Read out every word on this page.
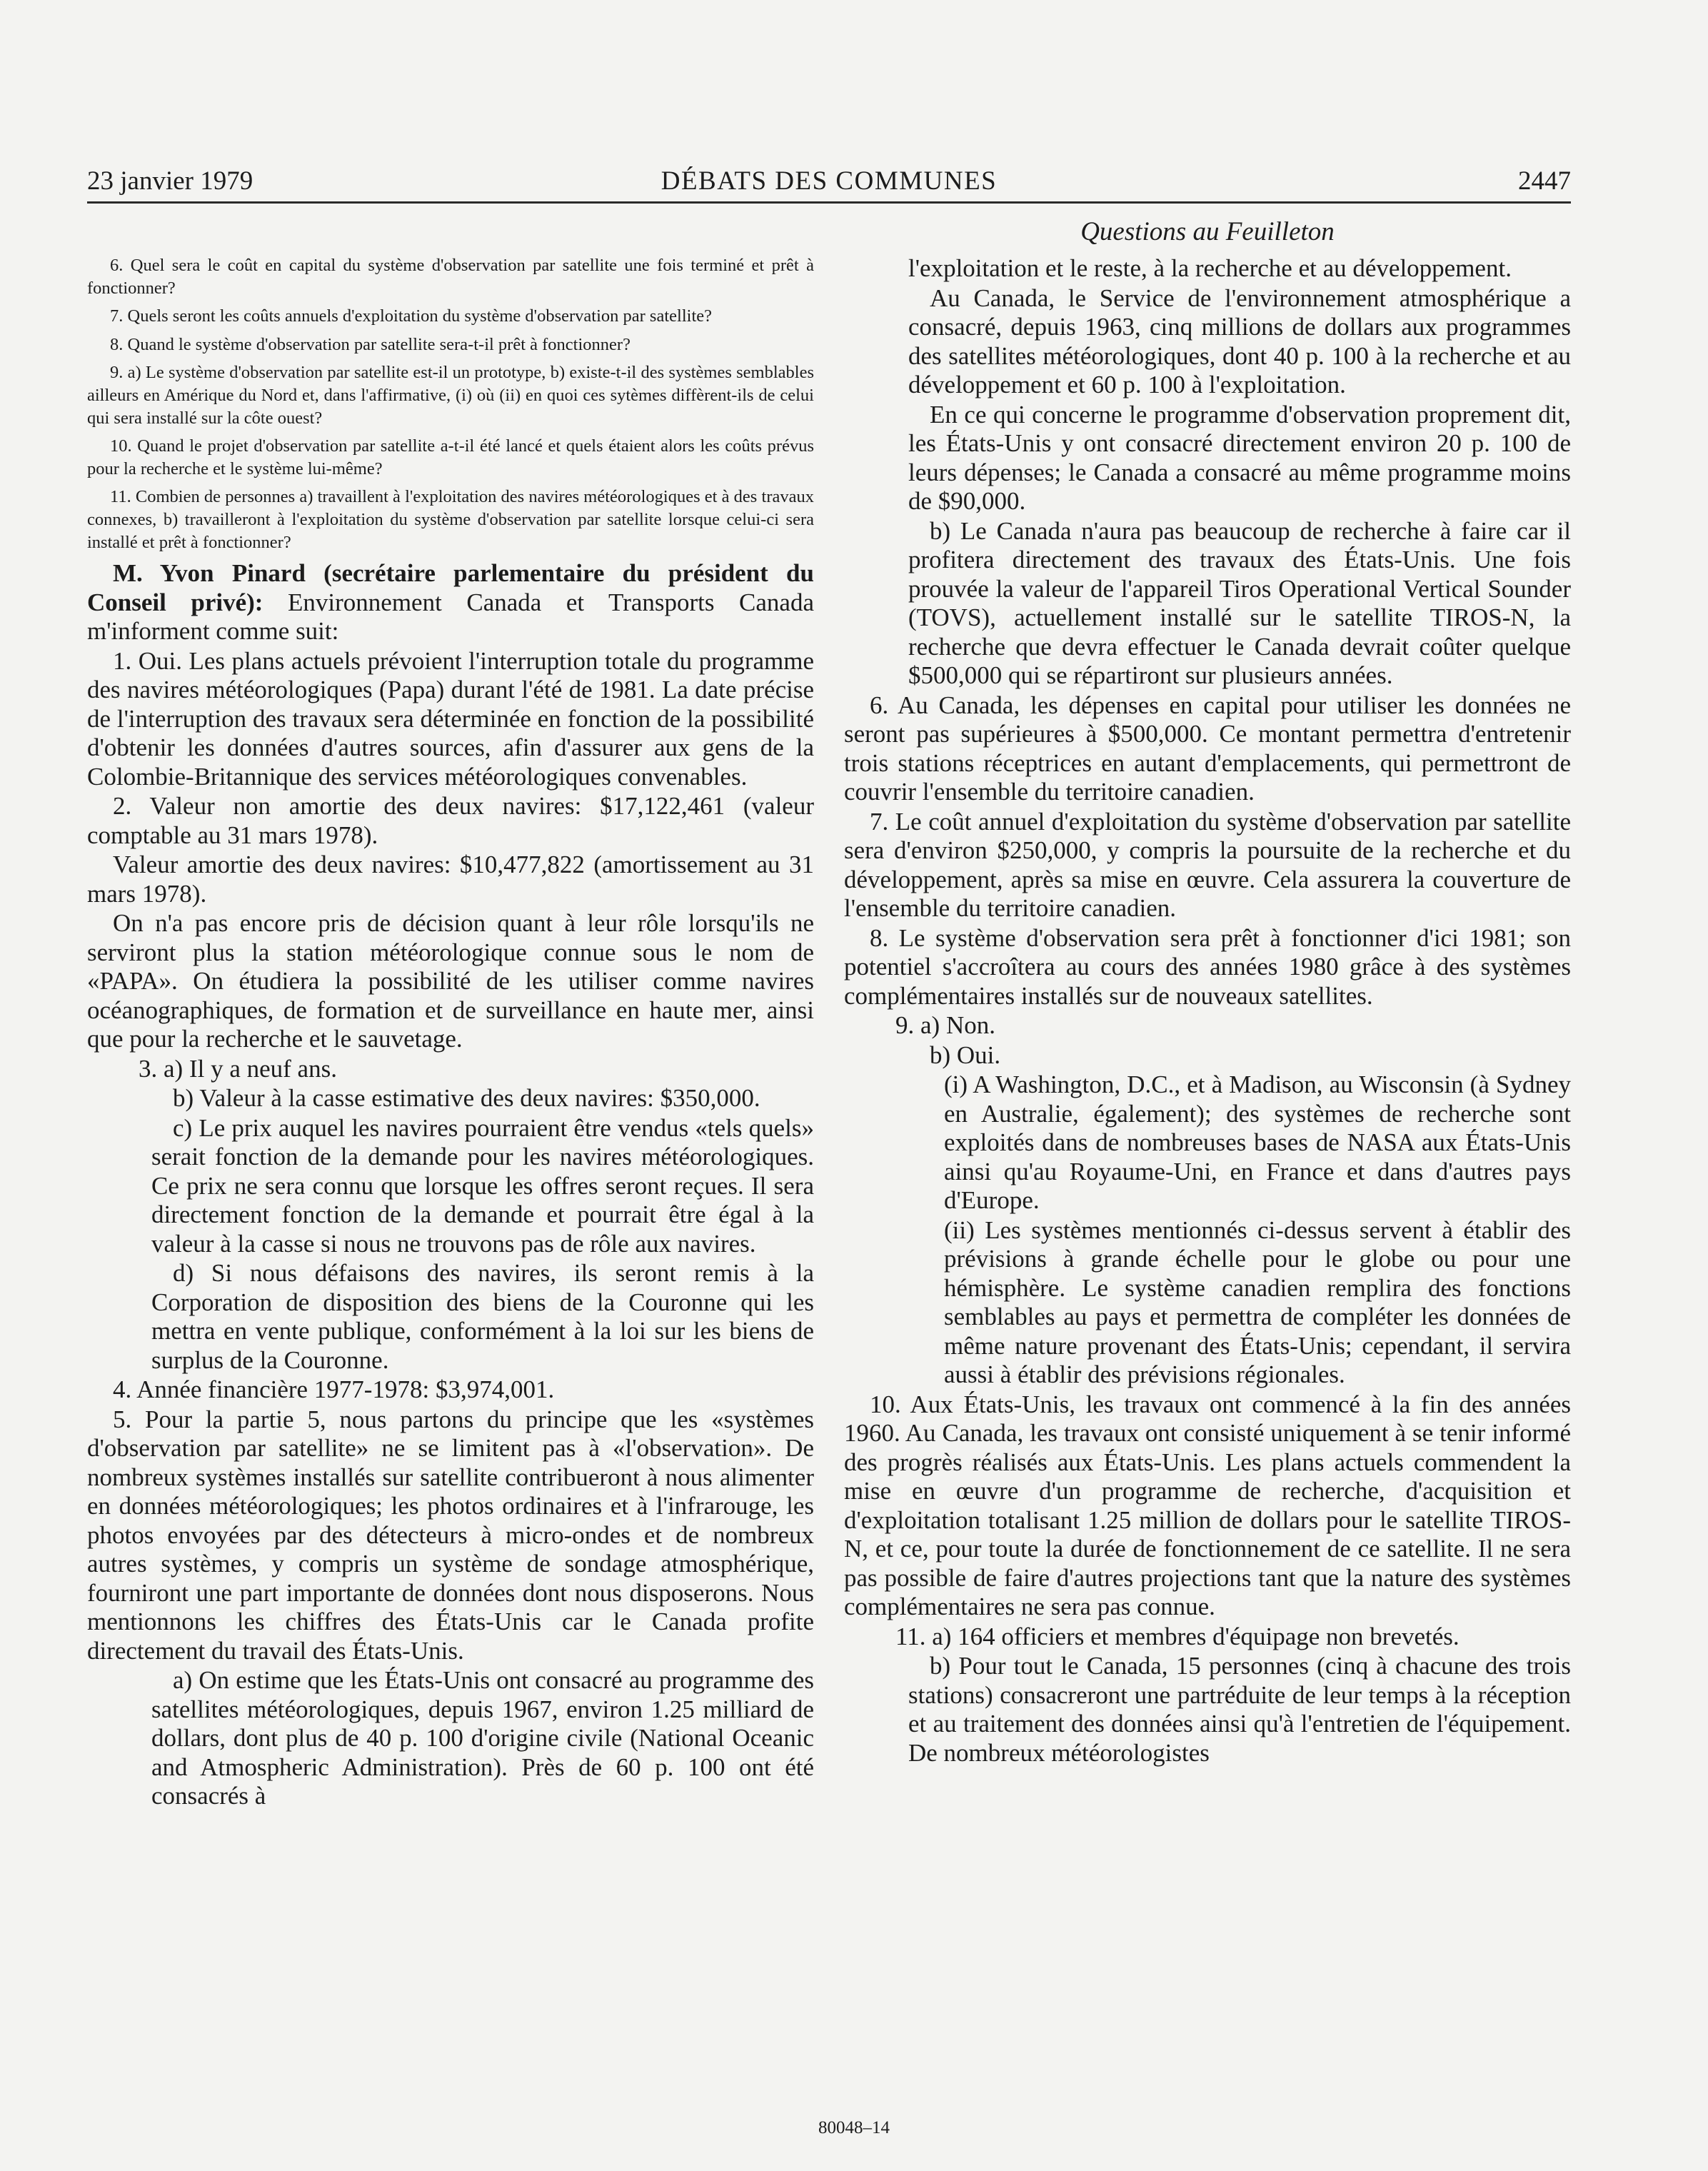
23 janvier 1979	DÉBATS DES COMMUNES	2447
Questions au Feuilleton

6. Quel sera le coût en capital du système d'observation par satellite une fois terminé et prêt à fonctionner?

7. Quels seront les coûts annuels d'exploitation du système d'observation par satellite?

8. Quand le système d'observation par satellite sera-t-il prêt à fonctionner?

9. a) Le système d'observation par satellite est-il un prototype, b) existe-t-il des systèmes semblables ailleurs en Amérique du Nord et, dans l'affirmative, (i) où (ii) en quoi ces sytèmes diffèrent-ils de celui qui sera installé sur la côte ouest?

10. Quand le projet d'observation par satellite a-t-il été lancé et quels étaient alors les coûts prévus pour la recherche et le système lui-même?

11. Combien de personnes a) travaillent à l'exploitation des navires météorologiques et à des travaux connexes, b) travailleront à l'exploitation du système d'observation par satellite lorsque celui-ci sera installé et prêt à fonctionner?

M. Yvon Pinard (secrétaire parlementaire du président du Conseil privé): Environnement Canada et Transports Canada m'informent comme suit:

1. Oui. Les plans actuels prévoient l'interruption totale du programme des navires météorologiques (Papa) durant l'été de 1981. La date précise de l'interruption des travaux sera déterminée en fonction de la possibilité d'obtenir les données d'autres sources, afin d'assurer aux gens de la Colombie-Britannique des services météorologiques convenables.

2. Valeur non amortie des deux navires: $17,122,461 (valeur comptable au 31 mars 1978).

Valeur amortie des deux navires: $10,477,822 (amortissement au 31 mars 1978).

On n'a pas encore pris de décision quant à leur rôle lorsqu'ils ne serviront plus la station météorologique connue sous le nom de «PAPA». On étudiera la possibilité de les utiliser comme navires océanographiques, de formation et de surveillance en haute mer, ainsi que pour la recherche et le sauvetage.

3. a) Il y a neuf ans.

b) Valeur à la casse estimative des deux navires: $350,000.

c) Le prix auquel les navires pourraient être vendus «tels quels» serait fonction de la demande pour les navires météorologiques. Ce prix ne sera connu que lorsque les offres seront reçues. Il sera directement fonction de la demande et pourrait être égal à la valeur à la casse si nous ne trouvons pas de rôle aux navires.

d) Si nous défaisons des navires, ils seront remis à la Corporation de disposition des biens de la Couronne qui les mettra en vente publique, conformément à la loi sur les biens de surplus de la Couronne.

4. Année financière 1977-1978: $3,974,001.

5. Pour la partie 5, nous partons du principe que les «systèmes d'observation par satellite» ne se limitent pas à «l'observation». De nombreux systèmes installés sur satellite contribueront à nous alimenter en données météorologiques; les photos ordinaires et à l'infrarouge, les photos envoyées par des détecteurs à micro-ondes et de nombreux autres systèmes, y compris un système de sondage atmosphérique, fourniront une part importante de données dont nous disposerons. Nous mentionnons les chiffres des États-Unis car le Canada profite directement du travail des États-Unis.

a) On estime que les États-Unis ont consacré au programme des satellites météorologiques, depuis 1967, environ 1.25 milliard de dollars, dont plus de 40 p. 100 d'origine civile (National Oceanic and Atmospheric Administration). Près de 60 p. 100 ont été consacrés à

l'exploitation et le reste, à la recherche et au développement.

Au Canada, le Service de l'environnement atmosphérique a consacré, depuis 1963, cinq millions de dollars aux programmes des satellites météorologiques, dont 40 p. 100 à la recherche et au développement et 60 p. 100 à l'exploitation.

En ce qui concerne le programme d'observation proprement dit, les États-Unis y ont consacré directement environ 20 p. 100 de leurs dépenses; le Canada a consacré au même programme moins de $90,000.

b) Le Canada n'aura pas beaucoup de recherche à faire car il profitera directement des travaux des États-Unis. Une fois prouvée la valeur de l'appareil Tiros Operational Vertical Sounder (TOVS), actuellement installé sur le satellite TIROS-N, la recherche que devra effectuer le Canada devrait coûter quelque $500,000 qui se répartiront sur plusieurs années.

6. Au Canada, les dépenses en capital pour utiliser les données ne seront pas supérieures à $500,000. Ce montant permettra d'entretenir trois stations réceptrices en autant d'emplacements, qui permettront de couvrir l'ensemble du territoire canadien.

7. Le coût annuel d'exploitation du système d'observation par satellite sera d'environ $250,000, y compris la poursuite de la recherche et du développement, après sa mise en œuvre. Cela assurera la couverture de l'ensemble du territoire canadien.

8. Le système d'observation sera prêt à fonctionner d'ici 1981; son potentiel s'accroîtera au cours des années 1980 grâce à des systèmes complémentaires installés sur de nouveaux satellites.

9. a) Non.

b) Oui.

(i) A Washington, D.C., et à Madison, au Wisconsin (à Sydney en Australie, également); des systèmes de recherche sont exploités dans de nombreuses bases de NASA aux États-Unis ainsi qu'au Royaume-Uni, en France et dans d'autres pays d'Europe.

(ii) Les systèmes mentionnés ci-dessus servent à établir des prévisions à grande échelle pour le globe ou pour une hémisphère. Le système canadien remplira des fonctions semblables au pays et permettra de compléter les données de même nature provenant des États-Unis; cependant, il servira aussi à établir des prévisions régionales.

10. Aux États-Unis, les travaux ont commencé à la fin des années 1960. Au Canada, les travaux ont consisté uniquement à se tenir informé des progrès réalisés aux États-Unis. Les plans actuels commendent la mise en œuvre d'un programme de recherche, d'acquisition et d'exploitation totalisant 1.25 million de dollars pour le satellite TIROS-N, et ce, pour toute la durée de fonctionnement de ce satellite. Il ne sera pas possible de faire d'autres projections tant que la nature des systèmes complémentaires ne sera pas connue.

11. a) 164 officiers et membres d'équipage non brevetés.

b) Pour tout le Canada, 15 personnes (cinq à chacune des trois stations) consacreront une partréduite de leur temps à la réception et au traitement des données ainsi qu'à l'entretien de l'équipement. De nombreux météorologistes

80048–14
